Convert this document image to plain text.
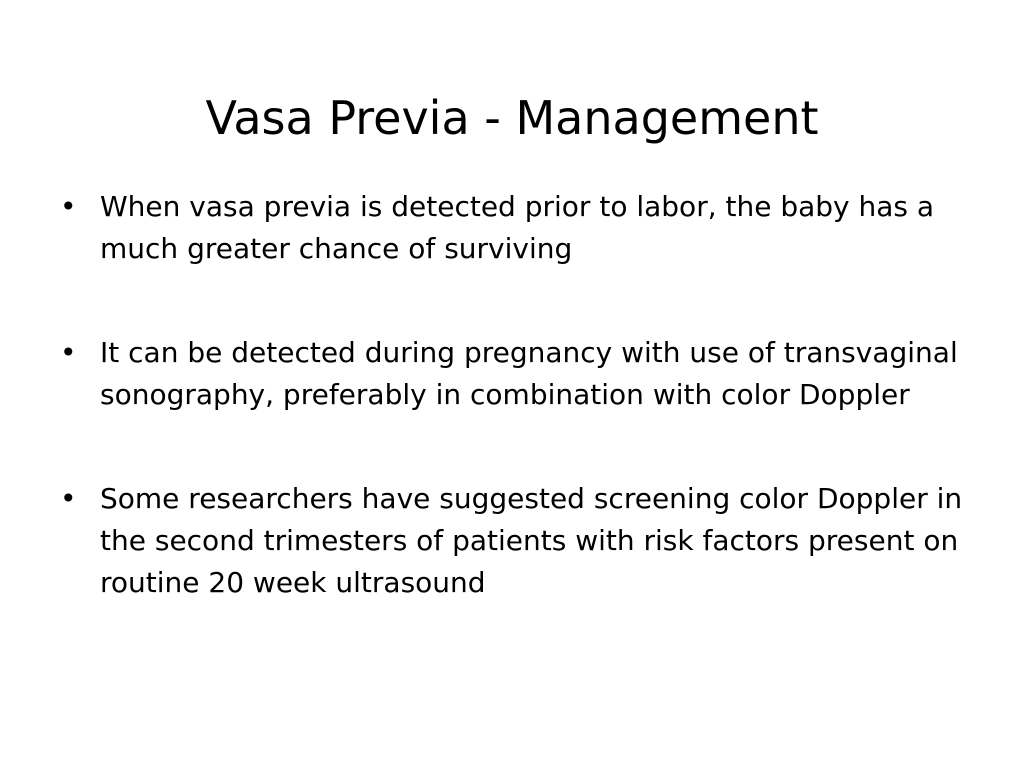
Vasa Previa - Management
• When vasa previa is detected prior to labor, the baby has a much greater chance of surviving
• It can be detected during pregnancy with use of transvaginal sonography, preferably in combination with color Doppler
• Some researchers have suggested screening color Doppler in the second trimesters of patients with risk factors present on routine 20 week ultrasound
